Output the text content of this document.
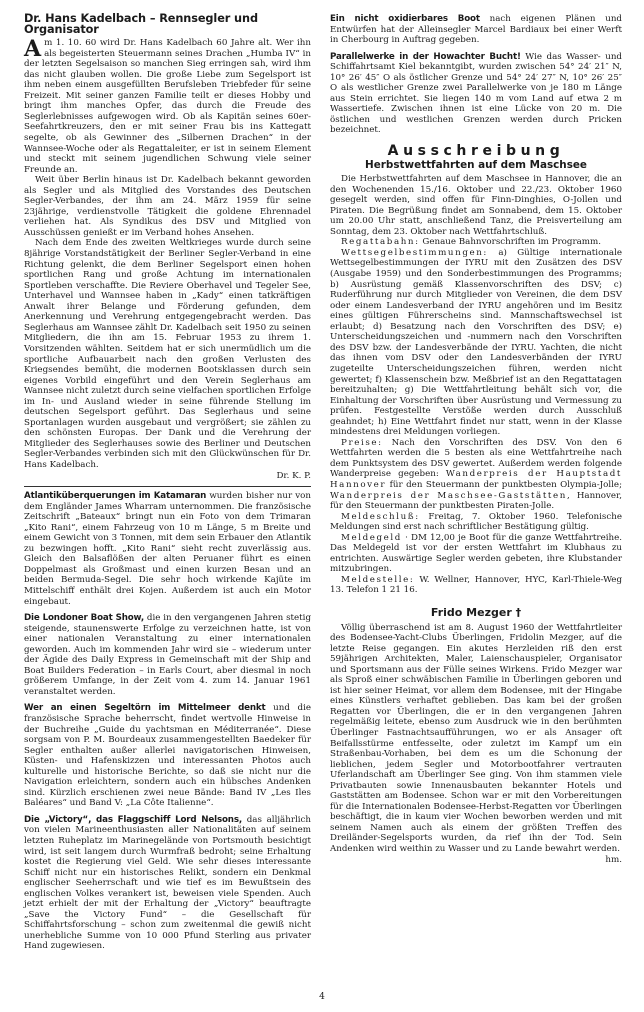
Dr. Hans Kadelbach – Rennsegler und Organisator

Am 1. 10. 60 wird Dr. Hans Kadelbach 60 Jahre alt. Wer ihn als begeisterten Steuermann seines Drachen „Humba IV“ in der letzten Segelsaison so manchen Sieg erringen sah, wird ihm das nicht glauben wollen. Die große Liebe zum Segelsport ist ihm neben einem ausgefüllten Berufsleben Triebfeder für seine Freizeit. Mit seiner ganzen Familie teilt er dieses Hobby und bringt ihm manches Opfer, das durch die Freude des Seglerlebnisses aufgewogen wird. Ob als Kapitän seines 60er-Seefahrtkreuzers, den er mit seiner Frau bis ins Kattegatt segelte, ob als Gewinner des „Silbernen Drachen“ in der Wannsee-Woche oder als Regattaleiter, er ist in seinem Element und steckt mit seinem jugendlichen Schwung viele seiner Freunde an.

Weit über Berlin hinaus ist Dr. Kadelbach bekannt geworden als Segler und als Mitglied des Vorstandes des Deutschen Segler-Verbandes, der ihm am 24. März 1959 für seine 23jährige, verdienstvolle Tätigkeit die goldene Ehrennadel verliehen hat. Als Syndikus des DSV und Mitglied von Ausschüssen genießt er im Verband hohes Ansehen.

Nach dem Ende des zweiten Weltkrieges wurde durch seine 8jährige Vorstandstätigkeit der Berliner Segler-Verband in eine Richtung gelenkt, die dem Berliner Segelsport einen hohen sportlichen Rang und große Achtung im internationalen Sportleben verschaffte. Die Reviere Oberhavel und Tegeler See, Unterhavel und Wannsee haben in „Kady“ einen tatkräftigen Anwalt ihrer Belange und Förderung gefunden, dem Anerkennung und Verehrung entgegengebracht werden. Das Seglerhaus am Wannsee zählt Dr. Kadelbach seit 1950 zu seinen Mitgliedern, die ihn am 15. Februar 1953 zu ihrem 1. Vorsitzenden wählten. Seitdem hat er sich unermüdlich um die sportliche Aufbauarbeit nach den großen Verlusten des Kriegsendes bemüht, die modernen Bootsklassen durch sein eigenes Vorbild eingeführt und den Verein Seglerhaus am Wannsee nicht zuletzt durch seine vielfachen sportlichen Erfolge im In- und Ausland wieder in seine führende Stellung im deutschen Segelsport geführt. Das Seglerhaus und seine Sportanlagen wurden ausgebaut und vergrößert; sie zählen zu den schönsten Europas. Der Dank und die Verehrung der Mitglieder des Seglerhauses sowie des Berliner und Deutschen Segler-Verbandes verbinden sich mit den Glückwünschen für Dr. Hans Kadelbach.

Dr. K. P.

Atlantiküberquerungen im Katamaran wurden bisher nur von dem Engländer James Wharram unternommen. Die französische Zeitschrift „Bateaux“ bringt nun ein Foto von dem Trimaran „Kito Rani“, einem Fahrzeug von 10 m Länge, 5 m Breite und einem Gewicht von 3 Tonnen, mit dem sein Erbauer den Atlantik zu bezwingen hofft. „Kito Rani“ sieht recht zuverlässig aus. Gleich den Balsaflößen der alten Peruaner führt es einen Doppelmast als Großmast und einen kurzen Besan und an beiden Bermuda-Segel. Die sehr hoch wirkende Kajüte im Mittelschiff enthält drei Kojen. Außerdem ist auch ein Motor eingebaut.

Die Londoner Boat Show, die in den vergangenen Jahren stetig steigende, staunenswerte Erfolge zu verzeichnen hatte, ist von einer nationalen Veranstaltung zu einer internationalen geworden. Auch im kommenden Jahr wird sie – wiederum unter der Ägide des Daily Express in Gemeinschaft mit der Ship and Boat Builders Federation – in Earls Court, aber diesmal in noch größerem Umfange, in der Zeit vom 4. zum 14. Januar 1961 veranstaltet werden.

Wer an einen Segeltörn im Mittelmeer denkt und die französische Sprache beherrscht, findet wertvolle Hinweise in der Buchreihe „Guide du yachtsman en Méditerranée“. Diese sorgsam von P. M. Bourdeaux zusammengestellten Baedeker für Segler enthalten außer allerlei navigatorischen Hinweisen, Küsten- und Hafenskizzen und interessanten Photos auch kulturelle und historische Berichte, so daß sie nicht nur die Navigation erleichtern, sondern auch ein hübsches Andenken sind. Kürzlich erschienen zwei neue Bände: Band IV „Les Iles Baléares“ und Band V: „La Côte Italienne“.

Die „Victory“, das Flaggschiff Lord Nelsons, das alljährlich von vielen Marineenthusiasten aller Nationalitäten auf seinem letzten Ruheplatz im Marinegelände von Portsmouth besichtigt wird, ist seit langem durch Wurmfraß bedroht; seine Erhaltung kostet die Regierung viel Geld. Wie sehr dieses interessante Schiff nicht nur ein historisches Relikt, sondern ein Denkmal englischer Seeherrschaft und wie tief es im Bewußtsein des englischen Volkes verankert ist, beweisen viele Spenden. Auch jetzt erhielt der mit der Erhaltung der „Victory“ beauftragte „Save the Victory Fund“ – die Gesellschaft für Schiffahrtsforschung – schon zum zweitenmal die gewiß nicht unerhebliche Summe von 10 000 Pfund Sterling aus privater Hand zugewiesen.

Ein nicht oxidierbares Boot nach eigenen Plänen und Entwürfen hat der Alleinsegler Marcel Bardiaux bei einer Werft in Cherbourg in Auftrag gegeben.

Parallelwerke in der Howachter Bucht! Wie das Wasser- und Schiffahrtsamt Kiel bekanntgibt, wurden zwischen 54° 24′ 21″ N, 10° 26′ 45″ O als östlicher Grenze und 54° 24′ 27″ N, 10° 26′ 25″ O als westlicher Grenze zwei Parallelwerke von je 180 m Länge aus Stein errichtet. Sie liegen 140 m vom Land auf etwa 2 m Wassertiefe. Zwischen ihnen ist eine Lücke von 20 m. Die östlichen und westlichen Grenzen werden durch Pricken bezeichnet.

Ausschreibung
Herbstwettfahrten auf dem Maschsee

Die Herbstwettfahrten auf dem Maschsee in Hannover, die an den Wochenenden 15./16. Oktober und 22./23. Oktober 1960 gesegelt werden, sind offen für Finn-Dinghies, O-Jollen und Piraten. Die Begrüßung findet am Sonnabend, dem 15. Oktober um 20.00 Uhr statt, anschließend Tanz, die Preisverteilung am Sonntag, dem 23. Oktober nach Wettfahrtschluß.

Regattabahn: Genaue Bahnvorschriften im Programm.

Wettsegelbestimmungen: a) Gültige internationale Wettsegelbestimmungen der IYRU mit den Zusätzen des DSV (Ausgabe 1959) und den Sonderbestimmungen des Programms; b) Ausrüstung gemäß Klassenvorschriften des DSV; c) Ruderführung nur durch Mitglieder von Vereinen, die dem DSV oder einem Landesverband der IYRU angehören und im Besitz eines gültigen Führerscheins sind. Mannschaftswechsel ist erlaubt; d) Besatzung nach den Vorschriften des DSV; e) Unterscheidungszeichen und -nummern nach den Vorschriften des DSV bzw. der Landesverbände der IYRU. Yachten, die nicht das ihnen vom DSV oder den Landesverbänden der IYRU zugeteilte Unterscheidungszeichen führen, werden nicht gewertet; f) Klassenschein bzw. Meßbrief ist an den Regattatagen bereitzuhalten; g) Die Wettfahrtleitung behält sich vor, die Einhaltung der Vorschriften über Ausrüstung und Vermessung zu prüfen. Festgestellte Verstöße werden durch Ausschluß geahndet; h) Eine Wettfahrt findet nur statt, wenn in der Klasse mindestens drei Meldungen vorliegen.

Preise: Nach den Vorschriften des DSV. Von den 6 Wettfahrten werden die 5 besten als eine Wettfahrtreihe nach dem Punktsystem des DSV gewertet. Außerdem werden folgende Wanderpreise gegeben: Wanderpreis der Hauptstadt Hannover für den Steuermann der punktbesten Olympia-Jolle; Wanderpreis der Maschsee-Gaststätten, Hannover, für den Steuermann der punktbesten Piraten-Jolle.

Meldeschluß: Freitag, 7. Oktober 1960. Telefonische Meldungen sind erst nach schriftlicher Bestätigung gültig.

Meldegeld · DM 12,00 je Boot für die ganze Wettfahrtreihe. Das Meldegeld ist vor der ersten Wettfahrt im Klubhaus zu entrichten. Auswärtige Segler werden gebeten, ihre Klubstander mitzubringen.

Meldestelle: W. Wellner, Hannover, HYC, Karl-Thiele-Weg 13. Telefon 1 21 16.

Frido Mezger †

Völlig überraschend ist am 8. August 1960 der Wettfahrtleiter des Bodensee-Yacht-Clubs Überlingen, Fridolin Mezger, auf die letzte Reise gegangen. Ein akutes Herzleiden riß den erst 59jährigen Architekten, Maler, Laienschauspieler, Organisator und Sportsmann aus der Fülle seines Wirkens. Frido Mezger war als Sproß einer schwäbischen Familie in Überlingen geboren und ist hier seiner Heimat, vor allem dem Bodensee, mit der Hingabe eines Künstlers verhaftet geblieben. Das kam bei der großen Regatten vor Überlingen, die er in den vergangenen Jahren regelmäßig leitete, ebenso zum Ausdruck wie in den berühmten Überlinger Fastnachtsaufführungen, wo er als Ansager oft Beifallsstürme entfesselte, oder zuletzt im Kampf um ein Straßenbau-Vorhaben, bei dem es um die Schonung der lieblichen, jedem Segler und Motorbootfahrer vertrauten Uferlandschaft am Überlinger See ging. Von ihm stammen viele Privatbauten sowie Innenausbauten bekannter Hotels und Gaststätten am Bodensee. Schon war er mit den Vorbereitungen für die Internationalen Bodensee-Herbst-Regatten vor Überlingen beschäftigt, die in kaum vier Wochen beworben werden und mit seinem Namen auch als einem der größten Treffen des Dreiländer-Segelsports wurden, da rief ihn der Tod. Sein Andenken wird weithin zu Wasser und zu Lande bewahrt werden.

hm.

4
